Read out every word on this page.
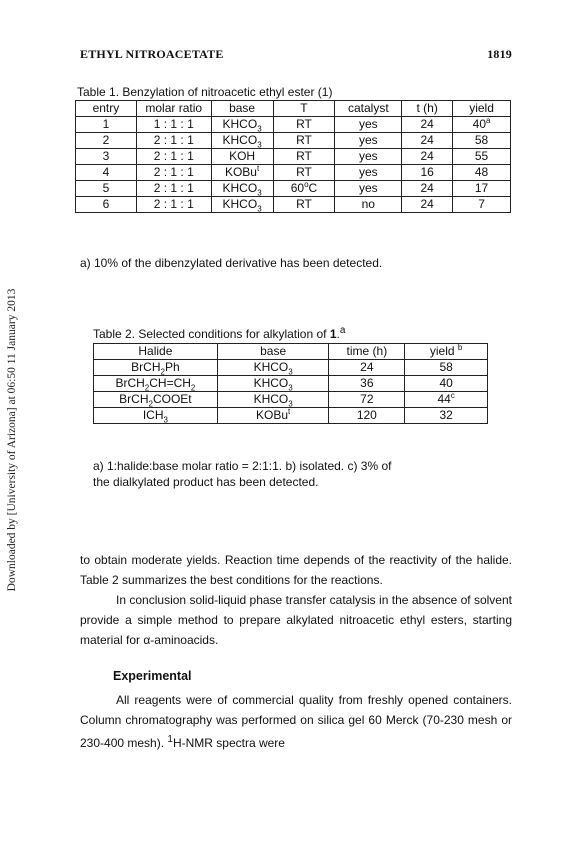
ETHYL NITROACETATE	1819
Downloaded by [University of Arizona] at 06:50 11 January 2013
Table 1. Benzylation of nitroacetic ethyl ester (1)
entry	molar ratio	base	T	catalyst	t (h)	yield
1	1 : 1 : 1	$KHCO_3$	RT	yes	24	40$^a$
2	2 : 1 : 1	$KHCO_3$	RT	yes	24	58
3	2 : 1 : 1	KOH	RT	yes	24	55
4	2 : 1 : 1	KOBu$^t$	RT	yes	16	48
5	2 : 1 : 1	$KHCO_3$	60$^o$C	yes	24	17
6	2 : 1 : 1	$KHCO_3$	RT	no	24	7
a) 10% of the dibenzylated derivative has been detected.
Table 2. Selected conditions for alkylation of 1.$^a$
Halide	base	time (h)	yield $^b$
BrCH$_2$Ph	$KHCO_3$	24	58
$BrCH_2CH=CH_2$	$KHCO_3$	36	40
BrCH$_2$COOEt	$KHCO_3$	72	44$^c$
$ICH_3$	KOBu$^t$	120	32
a) 1:halide:base molar ratio = 2:1:1. b) isolated. c) 3% of
the dialkylated product has been detected.

to obtain moderate yields. Reaction time depends of the reactivity of the halide. Table 2 summarizes the best conditions for the reactions.

In conclusion solid-liquid phase transfer catalysis in the absence of solvent provide a simple method to prepare alkylated nitroacetic ethyl esters, starting material for α-aminoacids.

Experimental

All reagents were of commercial quality from freshly opened containers. Column chromatography was performed on silica gel 60 Merck (70-230 mesh or 230-400 mesh). $^1$H-NMR spectra were
